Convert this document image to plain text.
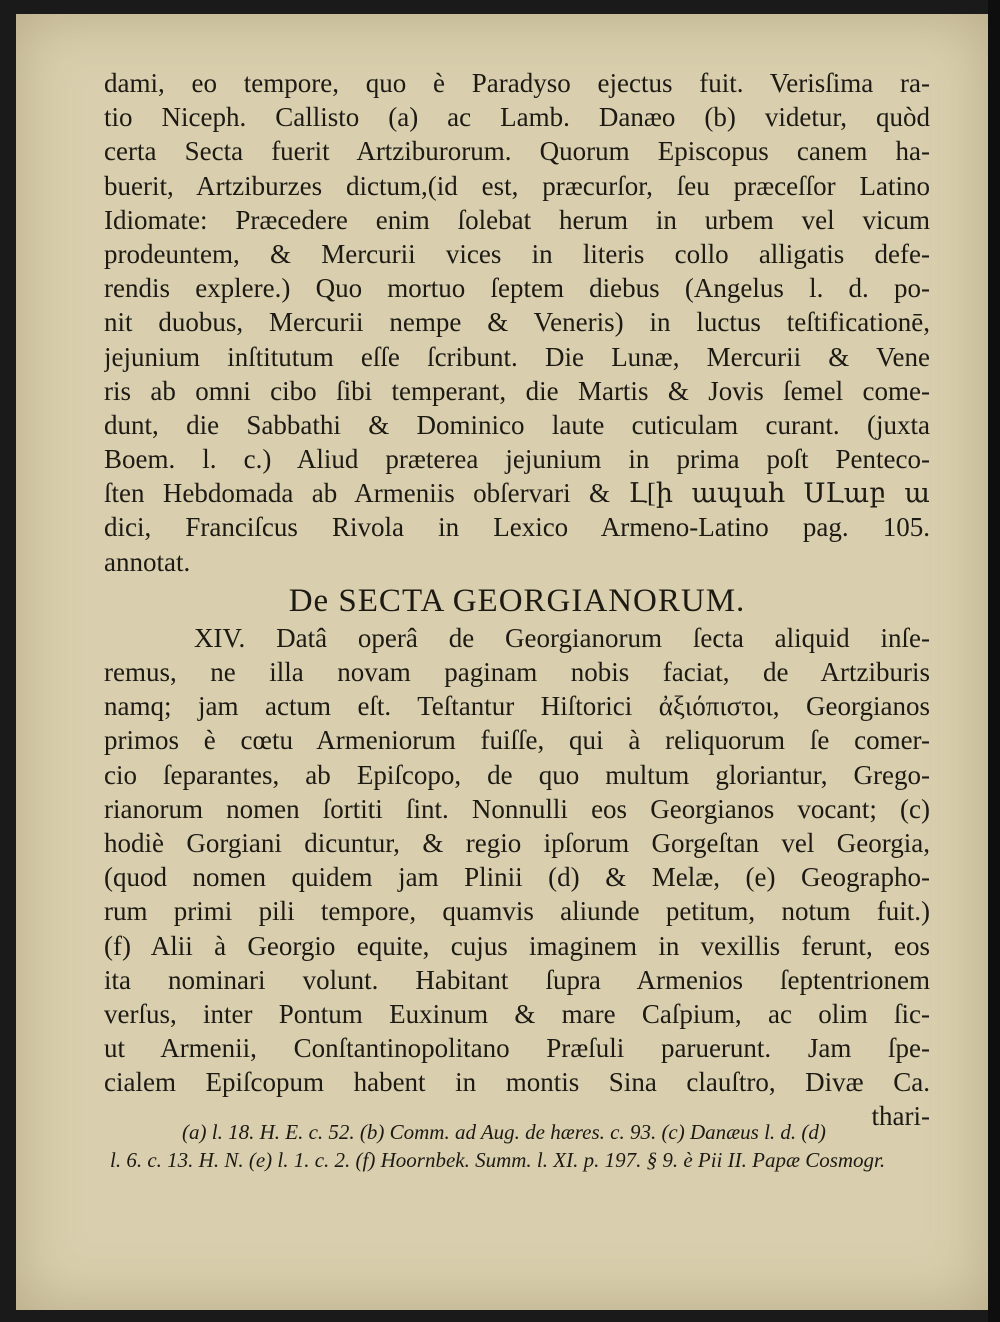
dami, eo tempore, quo è Paradyso ejectus fuit. Verisſima ra-
tio Niceph. Callisto (a) ac Lamb. Danæo (b) videtur, quòd
certa Secta fuerit Artziburorum. Quorum Episcopus canem ha-
buerit, Artziburzes dictum,(id est, præcurſor, ſeu præceſſor Latino
Idiomate: Præcedere enim ſolebat herum in urbem vel vicum
prodeuntem, & Mercurii vices in literis collo alligatis defe-
rendis explere.) Quo mortuo ſeptem diebus (Angelus l. d. po-
nit duobus, Mercurii nempe & Veneris) in luctus teſtificationē,
jejunium inſtitutum eſſe ſcribunt. Die Lunæ, Mercurii & Vene
ris ab omni cibo ſibi temperant, die Martis & Jovis ſemel come-
dunt, die Sabbathi & Dominico laute cuticulam curant. (juxta
Boem. l. c.) Aliud præterea jejunium in prima poſt Penteco-
ſten Hebdomada ab Armeniis obſervari & Լ[ի ապահ ՍԼաբ ա
dici, Franciſcus Rivola in Lexico Armeno-Latino pag. 105.
annotat.
De SECTA GEORGIANORUM.
XIV. Datâ operâ de Georgianorum ſecta aliquid inſe-
remus, ne illa novam paginam nobis faciat, de Artziburis
namq; jam actum eſt. Teſtantur Hiſtorici ἀξιόπιστοι, Georgianos
primos è cœtu Armeniorum fuiſſe, qui à reliquorum ſe comer-
cio ſeparantes, ab Epiſcopo, de quo multum gloriantur, Grego-
rianorum nomen ſortiti ſint. Nonnulli eos Georgianos vocant; (c)
hodiè Gorgiani dicuntur, & regio ipſorum Gorgeſtan vel Georgia,
(quod nomen quidem jam Plinii (d) & Melæ, (e) Geographo-
rum primi pili tempore, quamvis aliunde petitum, notum fuit.)
(f) Alii à Georgio equite, cujus imaginem in vexillis ferunt, eos
ita nominari volunt. Habitant ſupra Armenios ſeptentrionem
verſus, inter Pontum Euxinum & mare Caſpium, ac olim ſic-
ut Armenii, Conſtantinopolitano Præſuli paruerunt. Jam ſpe-
cialem Epiſcopum habent in montis Sina clauſtro, Divæ Ca.
thari-
(a) l. 18. H. E. c. 52. (b) Comm. ad Aug. de hæres. c. 93. (c) Danæus l. d. (d)
l. 6. c. 13. H. N. (e) l. 1. c. 2. (f) Hoornbek. Summ. l. XI. p. 197. § 9. è Pii II. Papæ Cosmogr.
